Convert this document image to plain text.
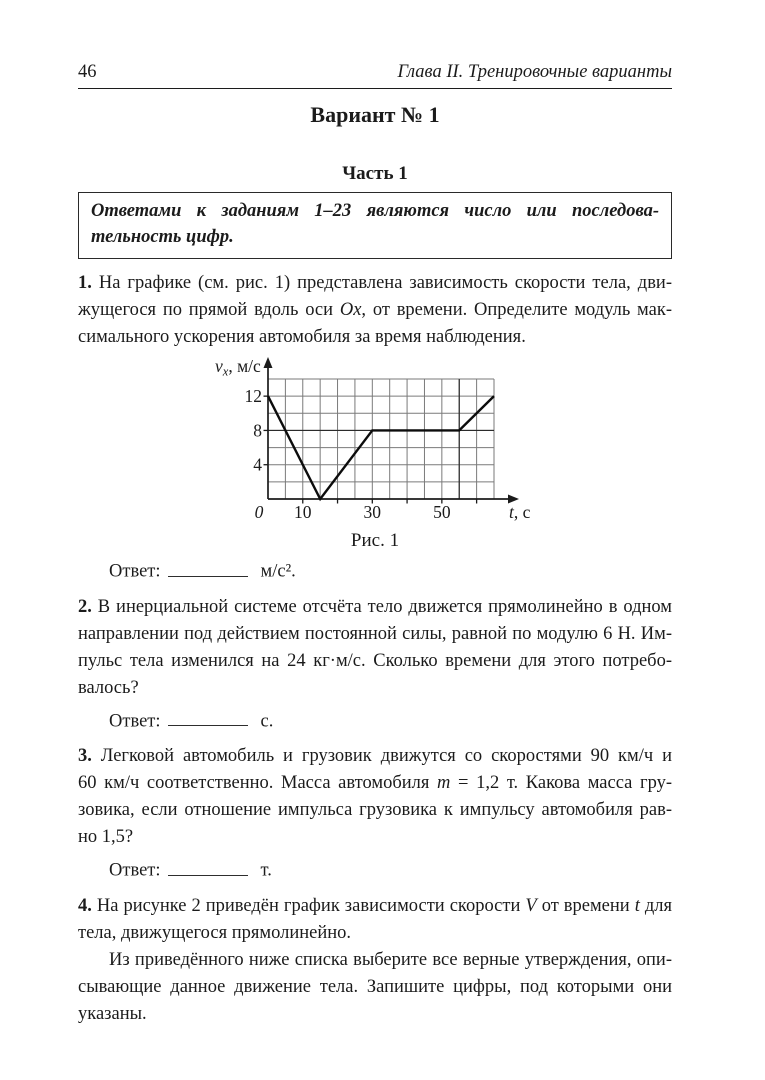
46	Глава II. Тренировочные варианты
Вариант № 1
Часть 1
Ответами к заданиям 1–23 являются число или последова-
тельность цифр.
1. На графике (см. рис. 1) представлена зависимость скорости тела, дви-
жущегося по прямой вдоль оси Ox, от времени. Определите модуль мак-
симального ускорения автомобиля за время наблюдения.
4
8
12
10	30	50
0
$v_x$, м/с
t, с
Рис. 1
Ответ:	м/с².
2. В инерциальной системе отсчёта тело движется прямолинейно в одном
направлении под действием постоянной силы, равной по модулю 6 Н. Им-
пульс тела изменился на 24 кг·м/с. Сколько времени для этого потребо-
валось?
Ответ:	с.
3. Легковой автомобиль и грузовик движутся со скоростями 90 км/ч и
60 км/ч соответственно. Масса автомобиля m = 1,2 т. Какова масса гру-
зовика, если отношение импульса грузовика к импульсу автомобиля рав-
но 1,5?
Ответ:	т.
4. На рисунке 2 приведён график зависимости скорости V от времени t для
тела, движущегося прямолинейно.
Из приведённого ниже списка выберите все верные утверждения, опи-
сывающие данное движение тела. Запишите цифры, под которыми они
указаны.
